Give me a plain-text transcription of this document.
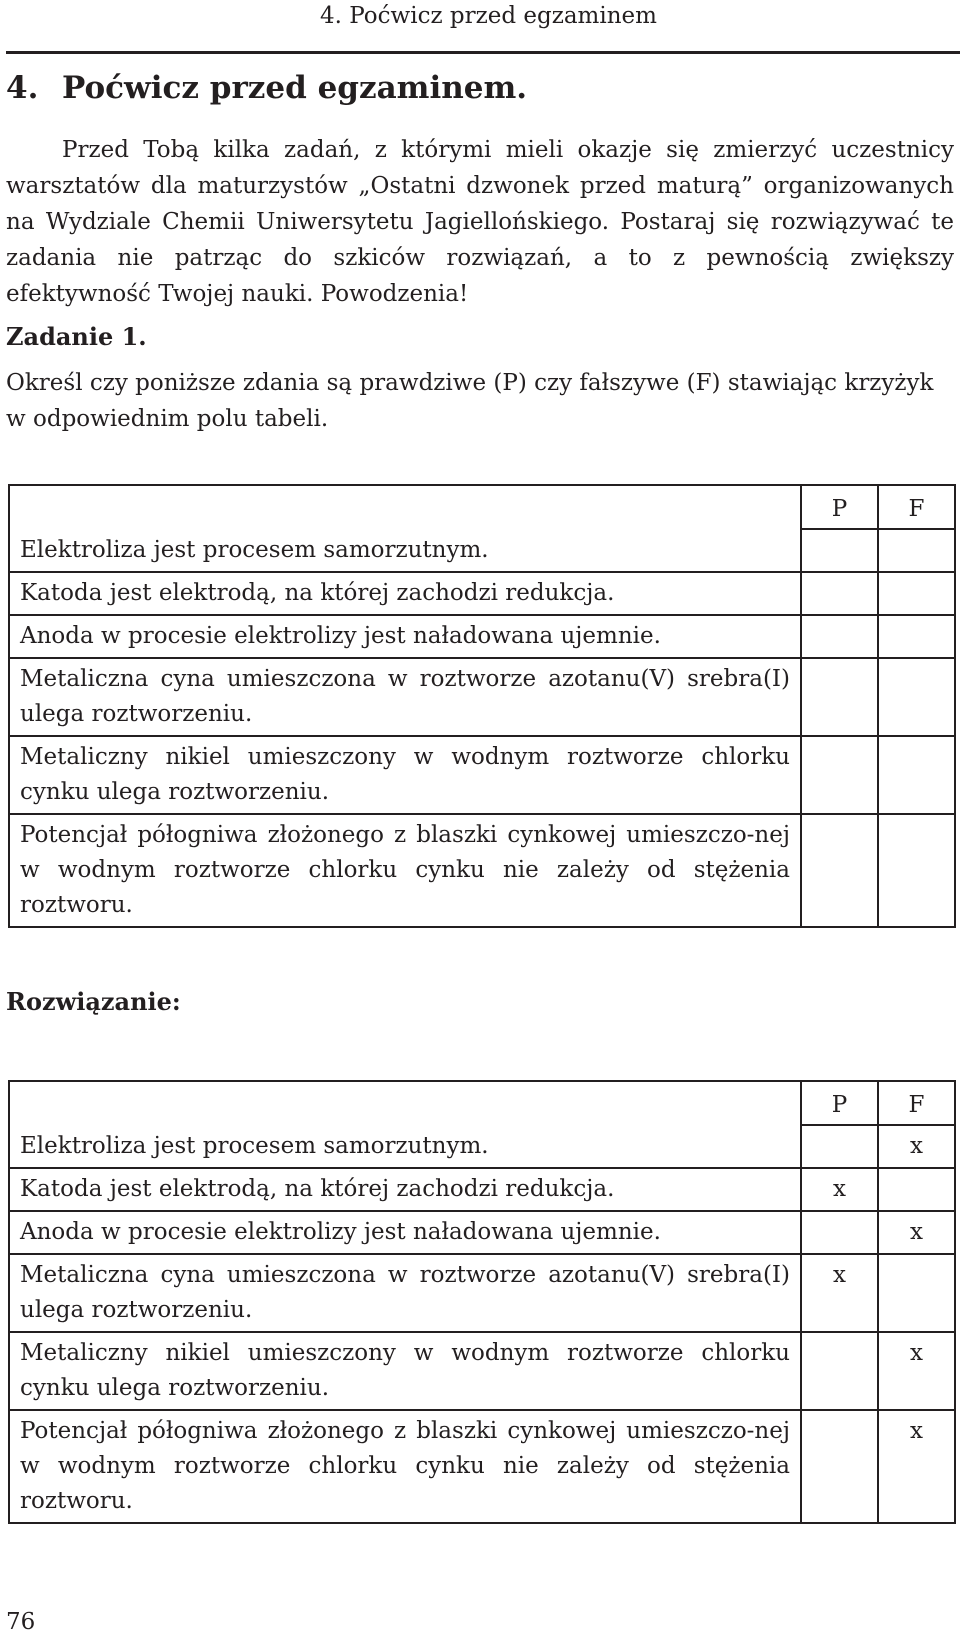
4. Poćwicz przed egzaminem
4. Poćwicz przed egzaminem.

Przed Tobą kilka zadań, z którymi mieli okazje się zmierzyć uczestnicy warsztatów dla maturzystów „Ostatni dzwonek przed maturą” organizowanych na Wydziale Chemii Uniwersytetu Jagiellońskiego. Postaraj się rozwiązywać te zadania nie patrząc do szkiców rozwiązań, a to z pewnością zwiększy efektywność Twojej nauki. Powodzenia!

Zadanie 1.

Określ czy poniższe zdania są prawdziwe (P) czy fałszywe (F) stawiając krzyżyk w odpowiednim polu tabeli.

	P	F
Elektroliza jest procesem samorzutnym.		
Katoda jest elektrodą, na której zachodzi redukcja.		
Anoda w procesie elektrolizy jest naładowana ujemnie.		
Metaliczna cyna umieszczona w roztworze azotanu(V) srebra(I) ulega roztworzeniu.		
Metaliczny nikiel umieszczony w wodnym roztworze chlorku cynku ulega roztworzeniu.		
Potencjał półogniwa złożonego z blaszki cynkowej umieszczo-nej w wodnym roztworze chlorku cynku nie zależy od stężenia roztworu.		
Rozwiązanie:
	P	F
Elektroliza jest procesem samorzutnym.		x
Katoda jest elektrodą, na której zachodzi redukcja.	x	
Anoda w procesie elektrolizy jest naładowana ujemnie.		x
Metaliczna cyna umieszczona w roztworze azotanu(V) srebra(I) ulega roztworzeniu.	x	
Metaliczny nikiel umieszczony w wodnym roztworze chlorku cynku ulega roztworzeniu.		x
Potencjał półogniwa złożonego z blaszki cynkowej umieszczo-nej w wodnym roztworze chlorku cynku nie zależy od stężenia roztworu.		x
76
